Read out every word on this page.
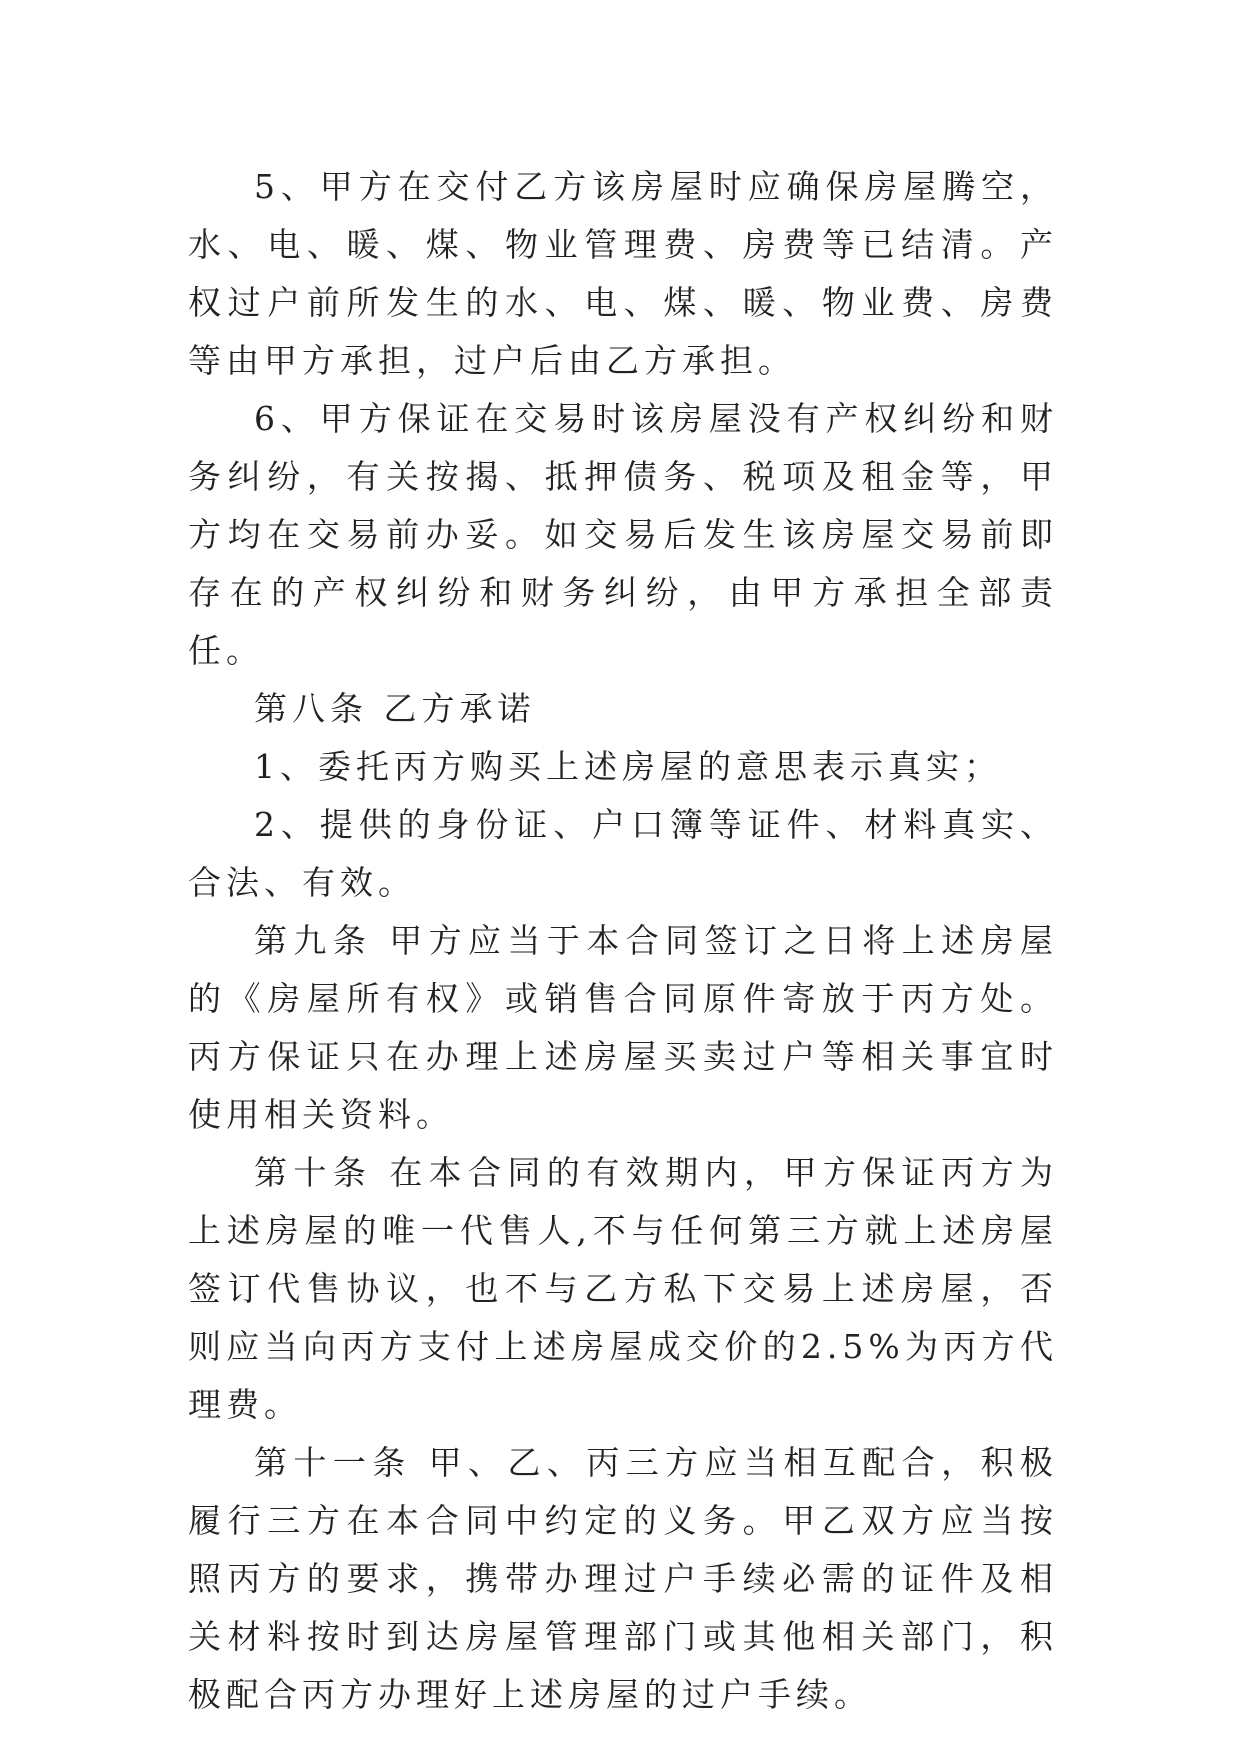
5、甲方在交付乙方该房屋时应确保房屋腾空，水、电、暖、煤、物业管理费、房费等已结清。产权过户前所发生的水、电、煤、暖、物业费、房费等由甲方承担，过户后由乙方承担。

6、甲方保证在交易时该房屋没有产权纠纷和财务纠纷，有关按揭、抵押债务、税项及租金等，甲方均在交易前办妥。如交易后发生该房屋交易前即存在的产权纠纷和财务纠纷，由甲方承担全部责任。

第八条 乙方承诺

1、委托丙方购买上述房屋的意思表示真实；

2、提供的身份证、户口簿等证件、材料真实、合法、有效。

第九条 甲方应当于本合同签订之日将上述房屋的《房屋所有权》或销售合同原件寄放于丙方处。丙方保证只在办理上述房屋买卖过户等相关事宜时使用相关资料。

第十条 在本合同的有效期内，甲方保证丙方为上述房屋的唯一代售人,不与任何第三方就上述房屋签订代售协议，也不与乙方私下交易上述房屋，否则应当向丙方支付上述房屋成交价的2.5%为丙方代理费。

第十一条 甲、乙、丙三方应当相互配合，积极履行三方在本合同中约定的义务。甲乙双方应当按照丙方的要求，携带办理过户手续必需的证件及相关材料按时到达房屋管理部门或其他相关部门，积极配合丙方办理好上述房屋的过户手续。
